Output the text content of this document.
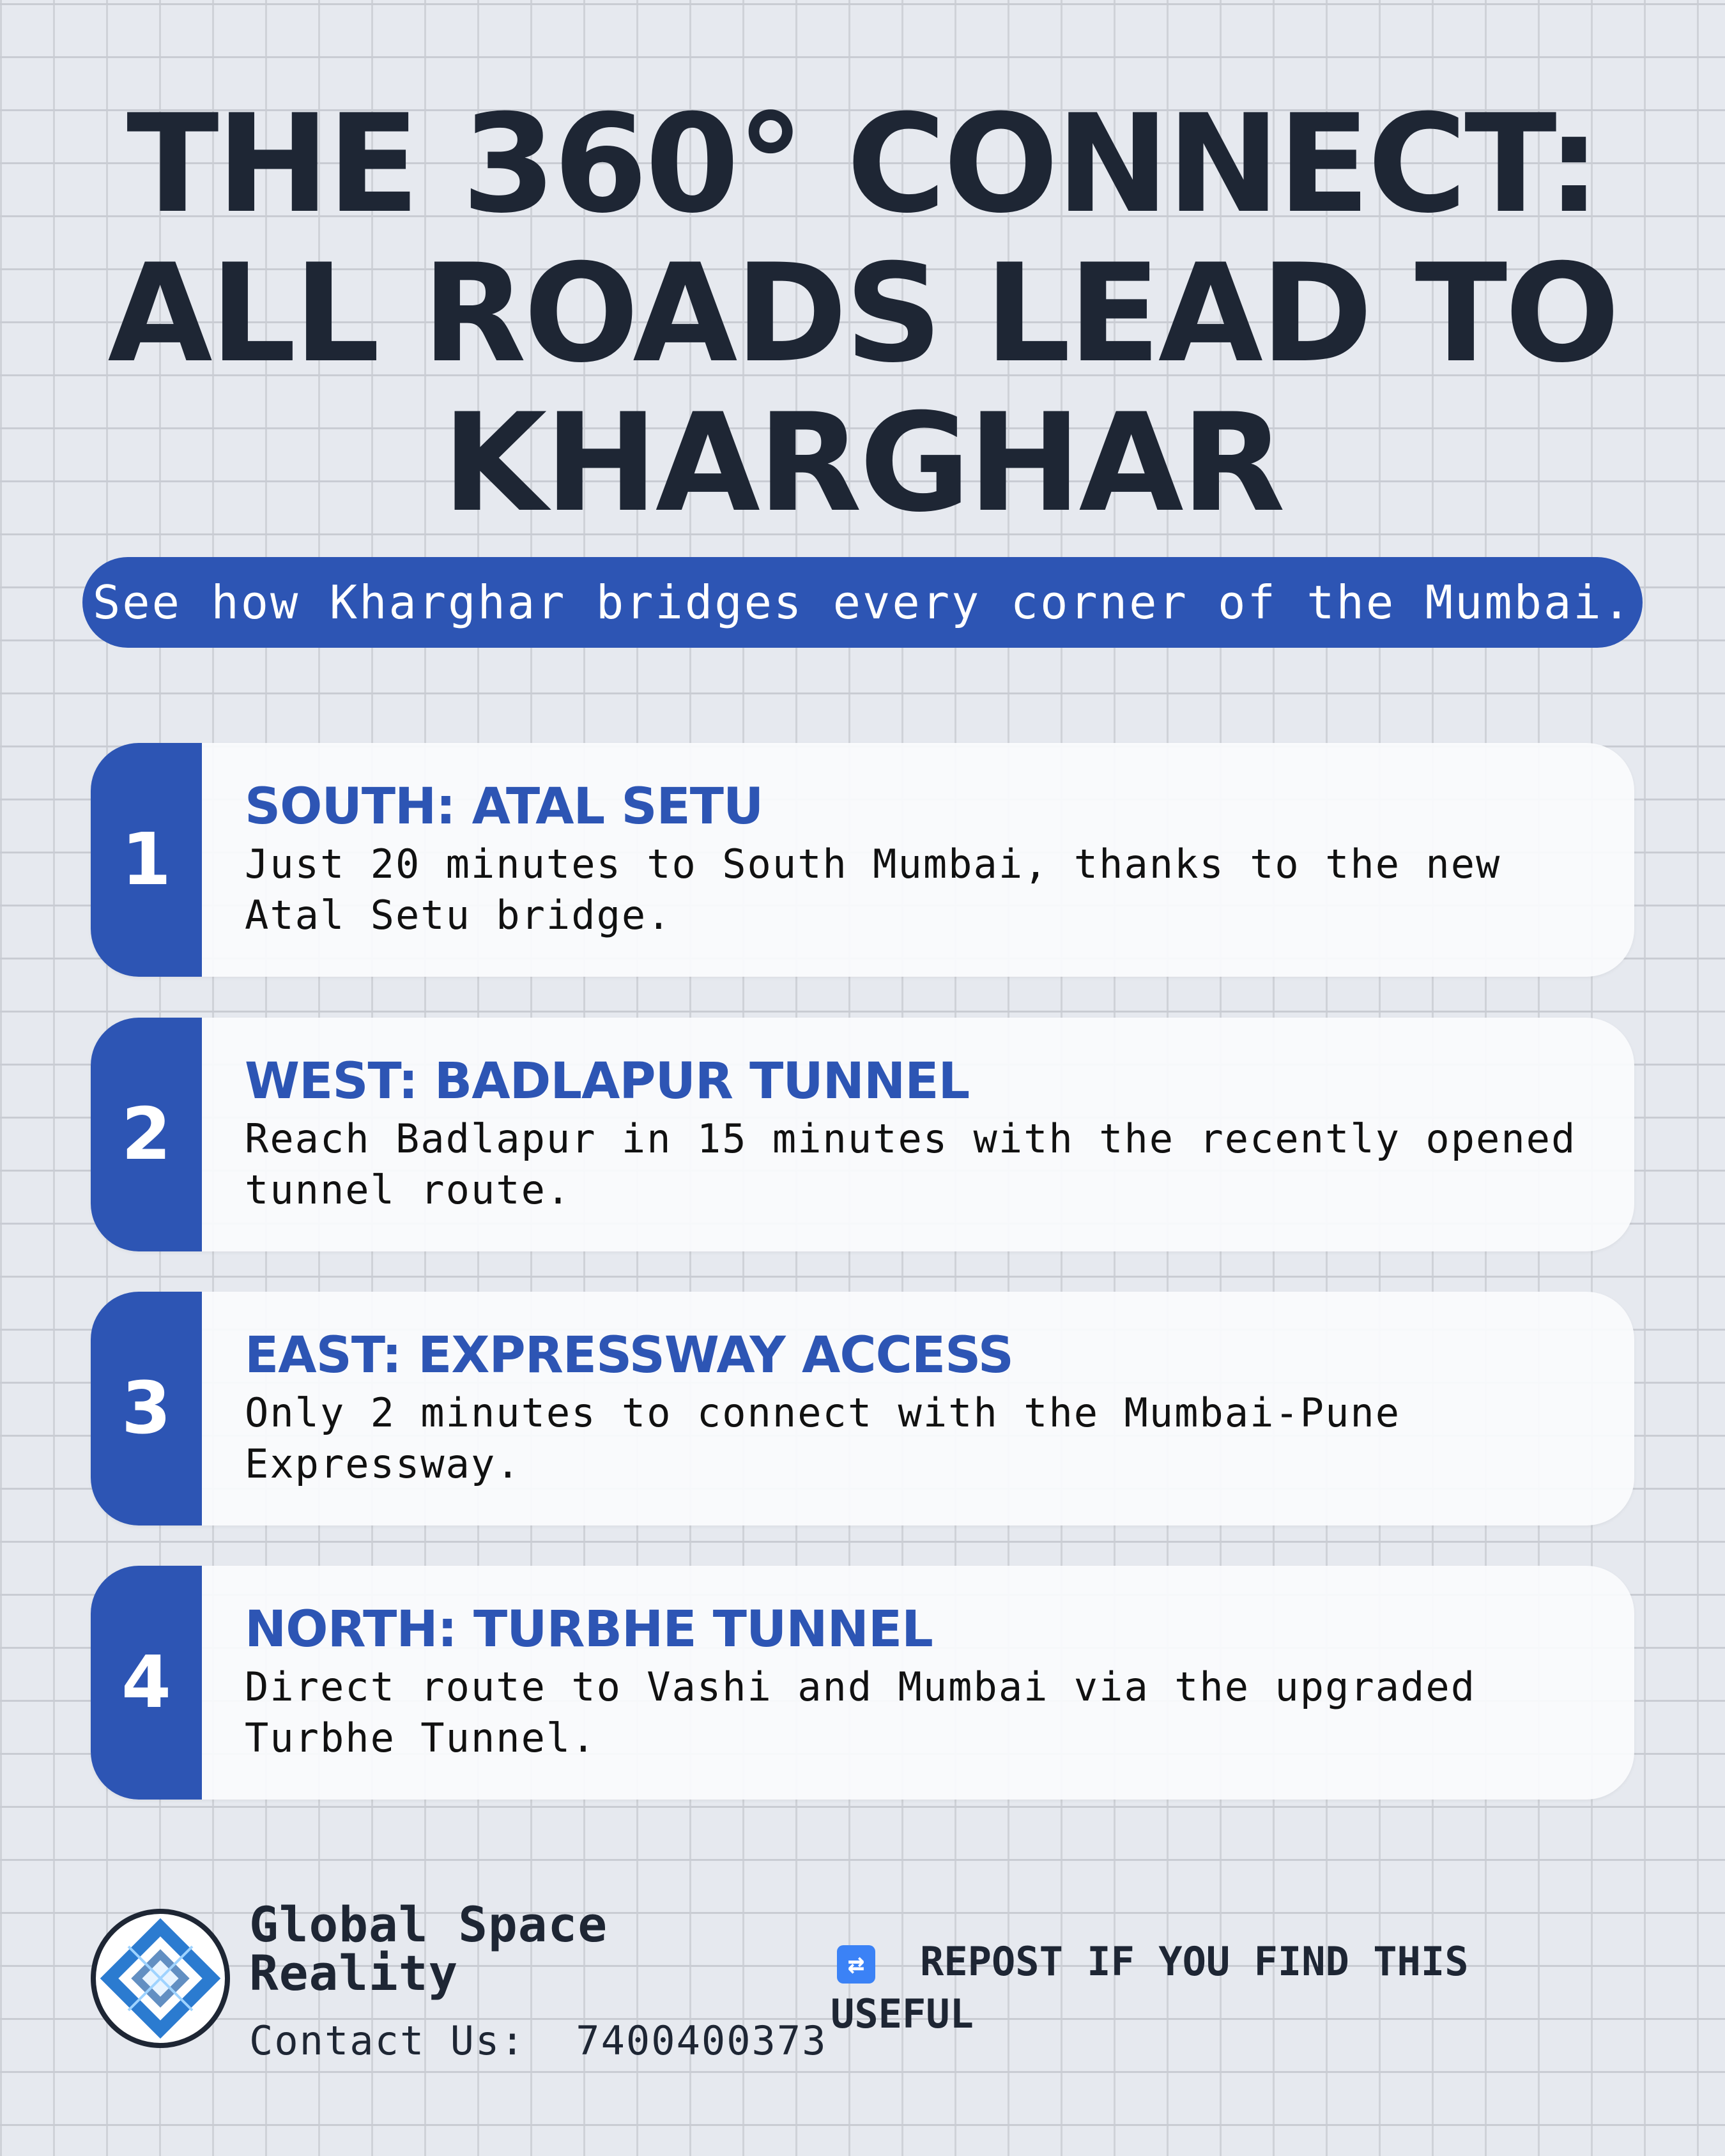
THE 360° CONNECT:
ALL ROADS LEAD TO
KHARGHAR
See how Kharghar bridges every corner of the Mumbai.
1
SOUTH: ATAL SETU
Just 20 minutes to South Mumbai, thanks to the new Atal Setu bridge.
2
WEST: BADLAPUR TUNNEL
Reach Badlapur in 15 minutes with the recently opened tunnel route.
3
EAST: EXPRESSWAY ACCESS
Only 2 minutes to connect with the Mumbai-Pune Expressway.
4
NORTH: TURBHE TUNNEL
Direct route to Vashi and Mumbai via the upgraded Turbhe Tunnel.
Global Space Reality
Contact Us: 7400400373
⇄ REPOST IF YOU FIND THIS USEFUL
